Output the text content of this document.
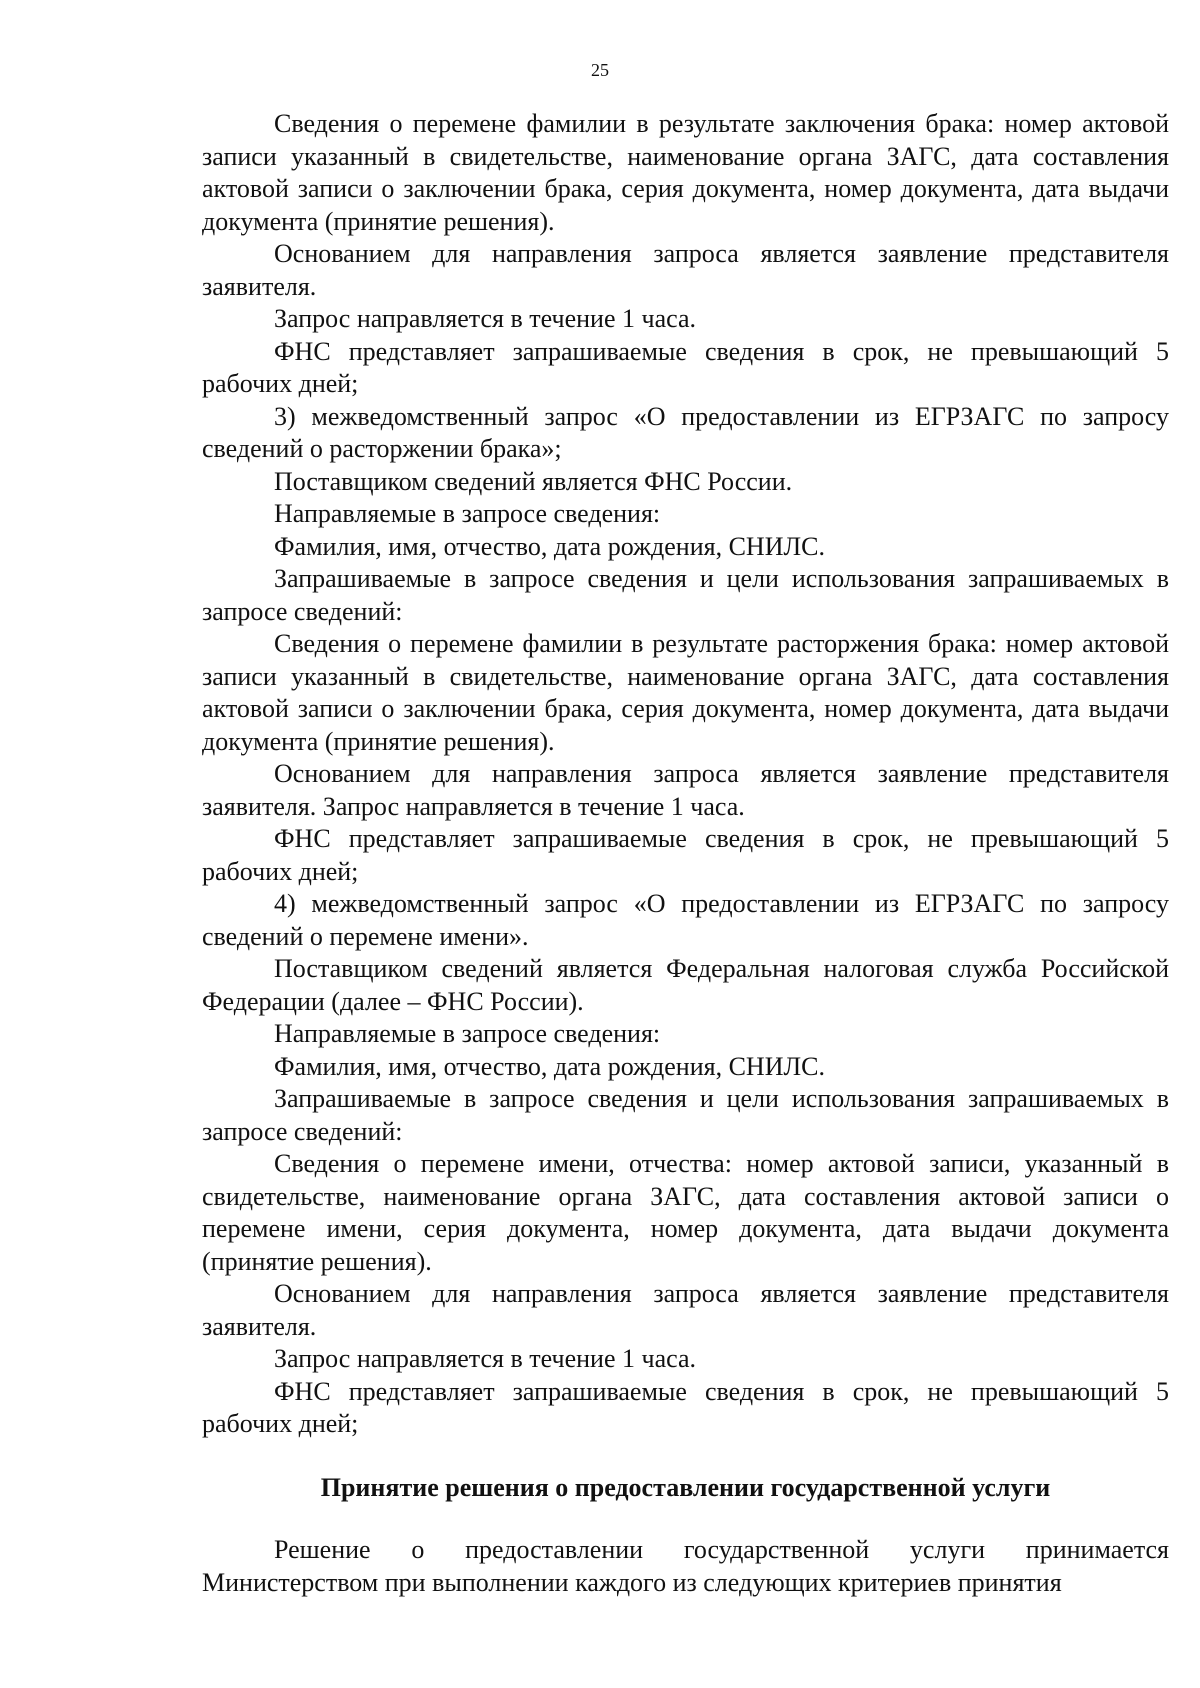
25

Сведения о перемене фамилии в результате заключения брака: номер актовой записи указанный в свидетельстве, наименование органа ЗАГС, дата составления актовой записи о заключении брака, серия документа, номер документа, дата выдачи документа (принятие решения).

Основанием для направления запроса является заявление представителя заявителя.

Запрос направляется в течение 1 часа.

ФНС представляет запрашиваемые сведения в срок, не превышающий 5 рабочих дней;

3) межведомственный запрос «О предоставлении из ЕГРЗАГС по запросу сведений о расторжении брака»;

Поставщиком сведений является ФНС России.

Направляемые в запросе сведения:

Фамилия, имя, отчество, дата рождения, СНИЛС.

Запрашиваемые в запросе сведения и цели использования запрашиваемых в запросе сведений:

Сведения о перемене фамилии в результате расторжения брака: номер актовой записи указанный в свидетельстве, наименование органа ЗАГС, дата составления актовой записи о заключении брака, серия документа, номер документа, дата выдачи документа (принятие решения).

Основанием для направления запроса является заявление представителя заявителя. Запрос направляется в течение 1 часа.

ФНС представляет запрашиваемые сведения в срок, не превышающий 5 рабочих дней;

4) межведомственный запрос «О предоставлении из ЕГРЗАГС по запросу сведений о перемене имени».

Поставщиком сведений является Федеральная налоговая служба Российской Федерации (далее – ФНС России).

Направляемые в запросе сведения:

Фамилия, имя, отчество, дата рождения, СНИЛС.

Запрашиваемые в запросе сведения и цели использования запрашиваемых в запросе сведений:

Сведения о перемене имени, отчества: номер актовой записи, указанный в свидетельстве, наименование органа ЗАГС, дата составления актовой записи о перемене имени, серия документа, номер документа, дата выдачи документа (принятие решения).

Основанием для направления запроса является заявление представителя заявителя.

Запрос направляется в течение 1 часа.

ФНС представляет запрашиваемые сведения в срок, не превышающий 5 рабочих дней;

Принятие решения о предоставлении государственной услуги

Решение о предоставлении государственной услуги принимается Министерством при выполнении каждого из следующих критериев принятия
